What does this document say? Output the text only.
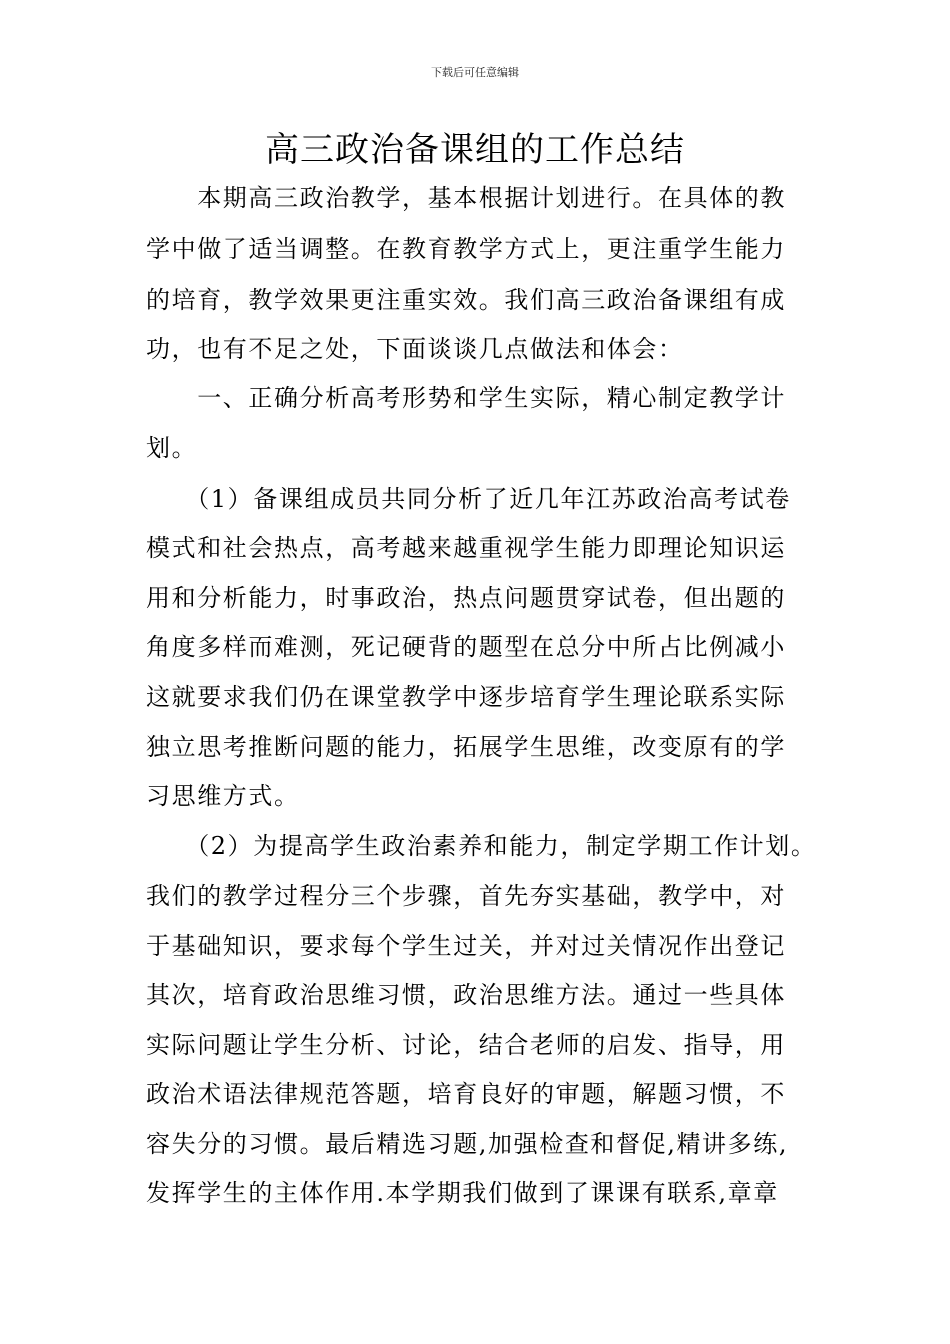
下载后可任意编辑
高三政治备课组的工作总结
　　本期高三政治教学，基本根据计划进行。在具体的教
学中做了适当调整。在教育教学方式上，更注重学生能力
的培育，教学效果更注重实效。我们高三政治备课组有成
功，也有不足之处，下面谈谈几点做法和体会：
　　一、正确分析高考形势和学生实际，精心制定教学计
划。
　　（1）备课组成员共同分析了近几年江苏政治高考试卷
模式和社会热点，高考越来越重视学生能力即理论知识运
用和分析能力，时事政治，热点问题贯穿试卷，但出题的
角度多样而难测，死记硬背的题型在总分中所占比例减小
这就要求我们仍在课堂教学中逐步培育学生理论联系实际
独立思考推断问题的能力，拓展学生思维，改变原有的学
习思维方式。
　　（2）为提高学生政治素养和能力，制定学期工作计划。
我们的教学过程分三个步骤，首先夯实基础，教学中，对
于基础知识，要求每个学生过关，并对过关情况作出登记
其次，培育政治思维习惯，政治思维方法。通过一些具体
实际问题让学生分析、讨论，结合老师的启发、指导，用
政治术语法律规范答题，培育良好的审题，解题习惯，不
容失分的习惯。最后精选习题,加强检查和督促,精讲多练,
发挥学生的主体作用.本学期我们做到了课课有联系,章章
